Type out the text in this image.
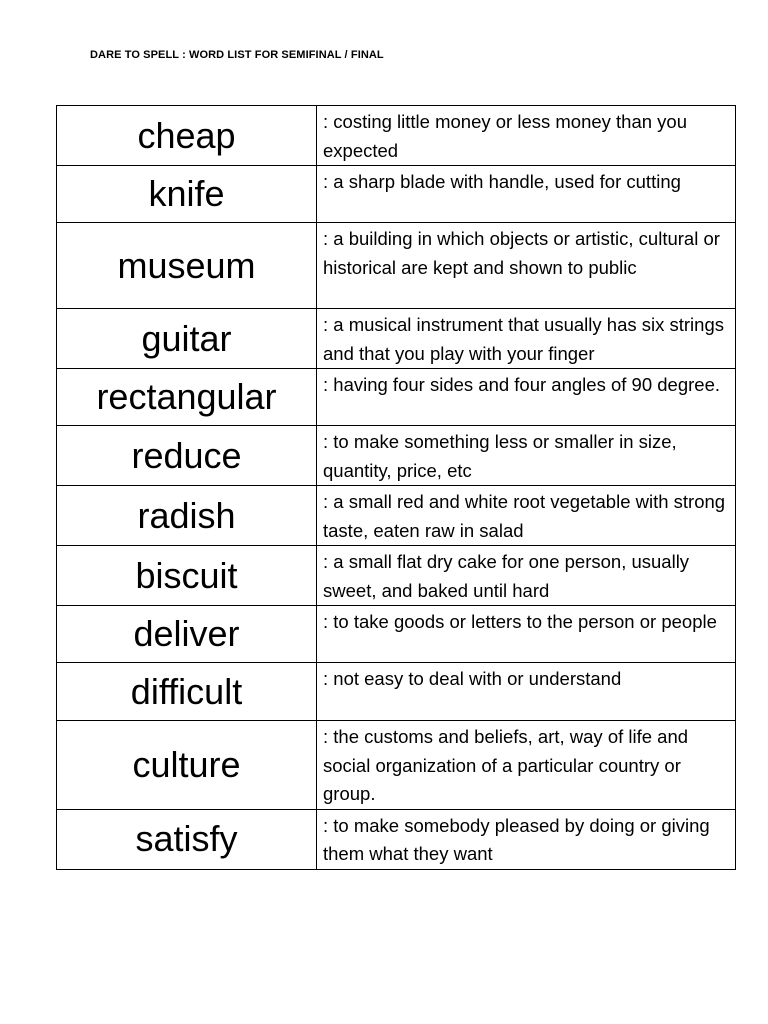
DARE TO SPELL : WORD LIST FOR SEMIFINAL / FINAL
cheap	: costing little money or less money than you expected
knife	: a sharp blade with handle, used for cutting
museum	: a building in which objects or artistic, cultural or historical are kept and shown to public
guitar	: a musical instrument that usually has six strings and that you play with your finger
rectangular	: having four sides and four angles of 90 degree.
reduce	: to make something less or smaller in size, quantity, price, etc
radish	: a small red and white root vegetable with strong taste, eaten raw in salad
biscuit	: a small flat dry cake for one person, usually sweet, and baked until hard
deliver	: to take goods or letters to the person or people
difficult	: not easy to deal with or understand
culture	: the customs and beliefs, art, way of life and social organization of a particular country or group.
satisfy	: to make somebody pleased by doing or giving them what they want
